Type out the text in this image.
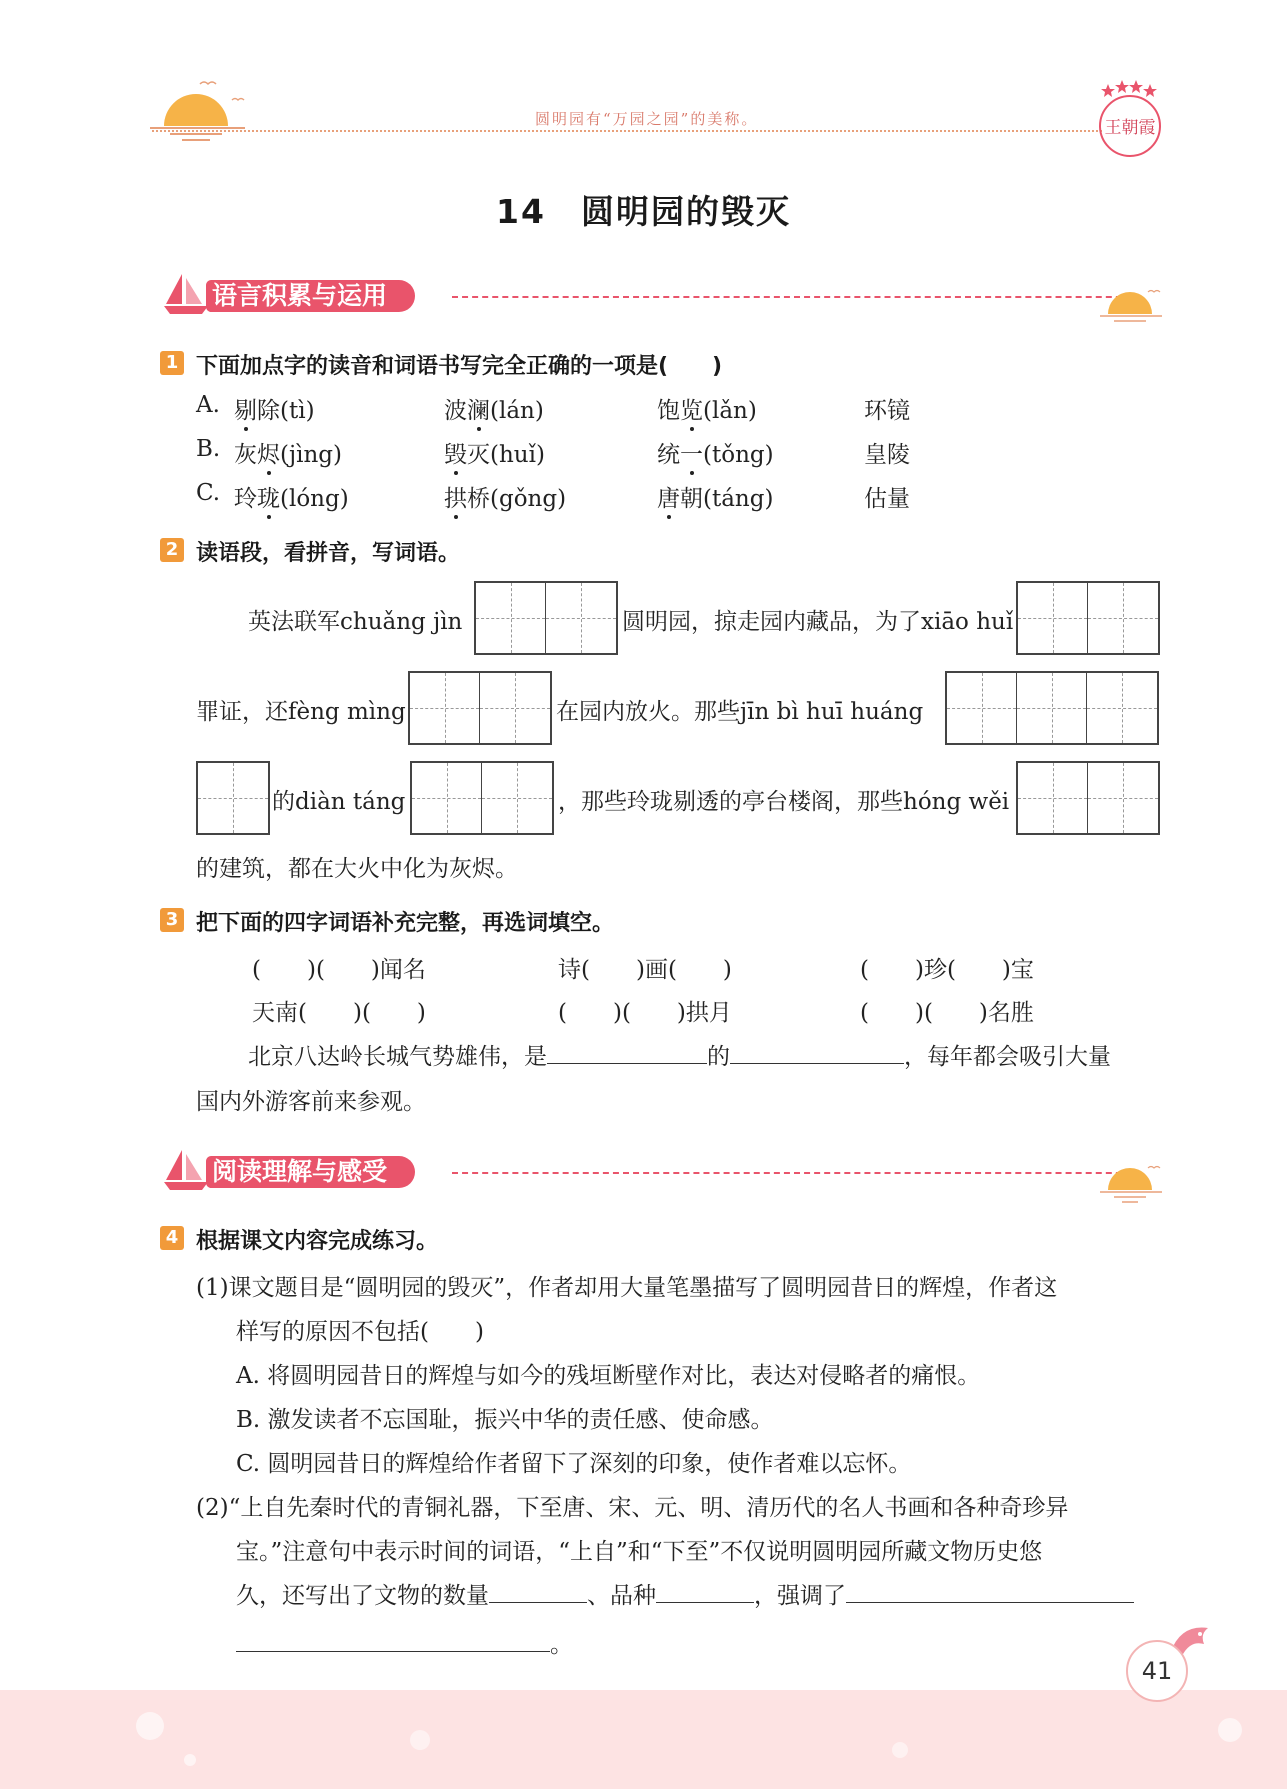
圆明园有“万园之园”的美称。	王朝霞
14　圆明园的毁灭
语言积累与运用
1 下面加点字的读音和词语书写完全正确的一项是(　　)
A. 剔除(tì)	波澜(lán)	饱览(lǎn)	环镜
B. 灰烬(jìng)	毁灭(huǐ)	统一(tǒng)	皇陵
C. 玲珑(lóng)	拱桥(gǒng)	唐朝(táng)	估量
2 读语段，看拼音，写词语。
英法联军chuǎng jìn	圆明园，掠走园内藏品，为了xiāo huǐ
罪证，还fèng mìng	在园内放火。那些jīn bì huī huáng
的diàn táng	，那些玲珑剔透的亭台楼阁，那些hóng wěi
的建筑，都在大火中化为灰烬。
3 把下面的四字词语补充完整，再选词填空。
(　　)(　　)闻名	诗(　　)画(　　)	(　　)珍(　　)宝
天南(　　)(　　)	(　　)(　　)拱月	(　　)(　　)名胜
北京八达岭长城气势雄伟，是	的	，每年都会吸引大量
国内外游客前来参观。
阅读理解与感受
4 根据课文内容完成练习。
(1)课文题目是“圆明园的毁灭”，作者却用大量笔墨描写了圆明园昔日的辉煌，作者这
样写的原因不包括(　　)
A. 将圆明园昔日的辉煌与如今的残垣断壁作对比，表达对侵略者的痛恨。
B. 激发读者不忘国耻，振兴中华的责任感、使命感。
C. 圆明园昔日的辉煌给作者留下了深刻的印象，使作者难以忘怀。
(2)“上自先秦时代的青铜礼器，下至唐、宋、元、明、清历代的名人书画和各种奇珍异
宝。”注意句中表示时间的词语，“上自”和“下至”不仅说明圆明园所藏文物历史悠
久，还写出了文物的数量	、品种	，强调了
。
41
